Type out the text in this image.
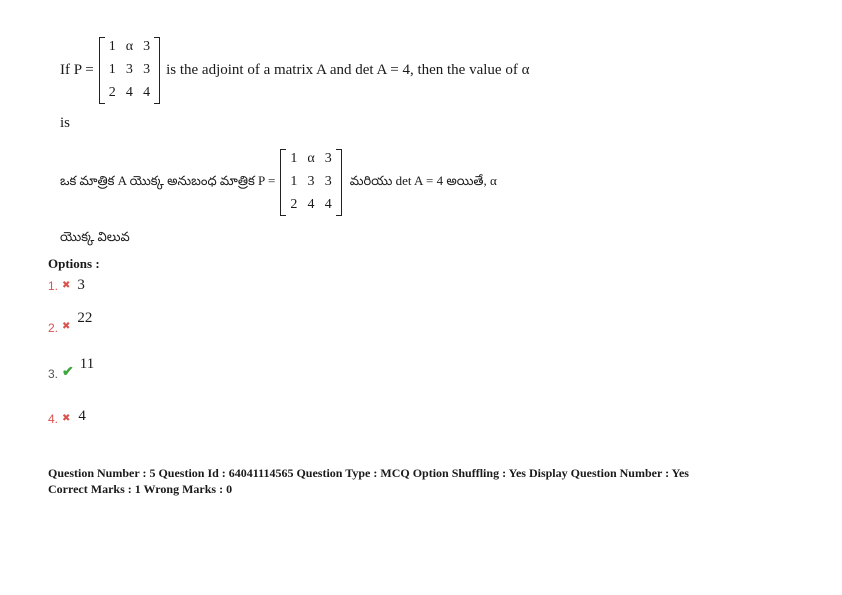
If P =
1	α	3
1	3	3
2	4	4
is the adjoint of a matrix A and det A = 4, then the value of α
is
ఒక మాత్రిక A యొక్క అనుబంధ మాత్రిక P =
1	α	3
1	3	3
2	4	4
మరియు det A = 4 అయితే, α
యొక్క విలువ
Options :
1. ✖ 3
2. ✖
22
3. ✔
11
4. ✖ 4
Question Number : 5 Question Id : 64041114565 Question Type : MCQ Option Shuffling : Yes Display Question Number : Yes
Correct Marks : 1 Wrong Marks : 0
